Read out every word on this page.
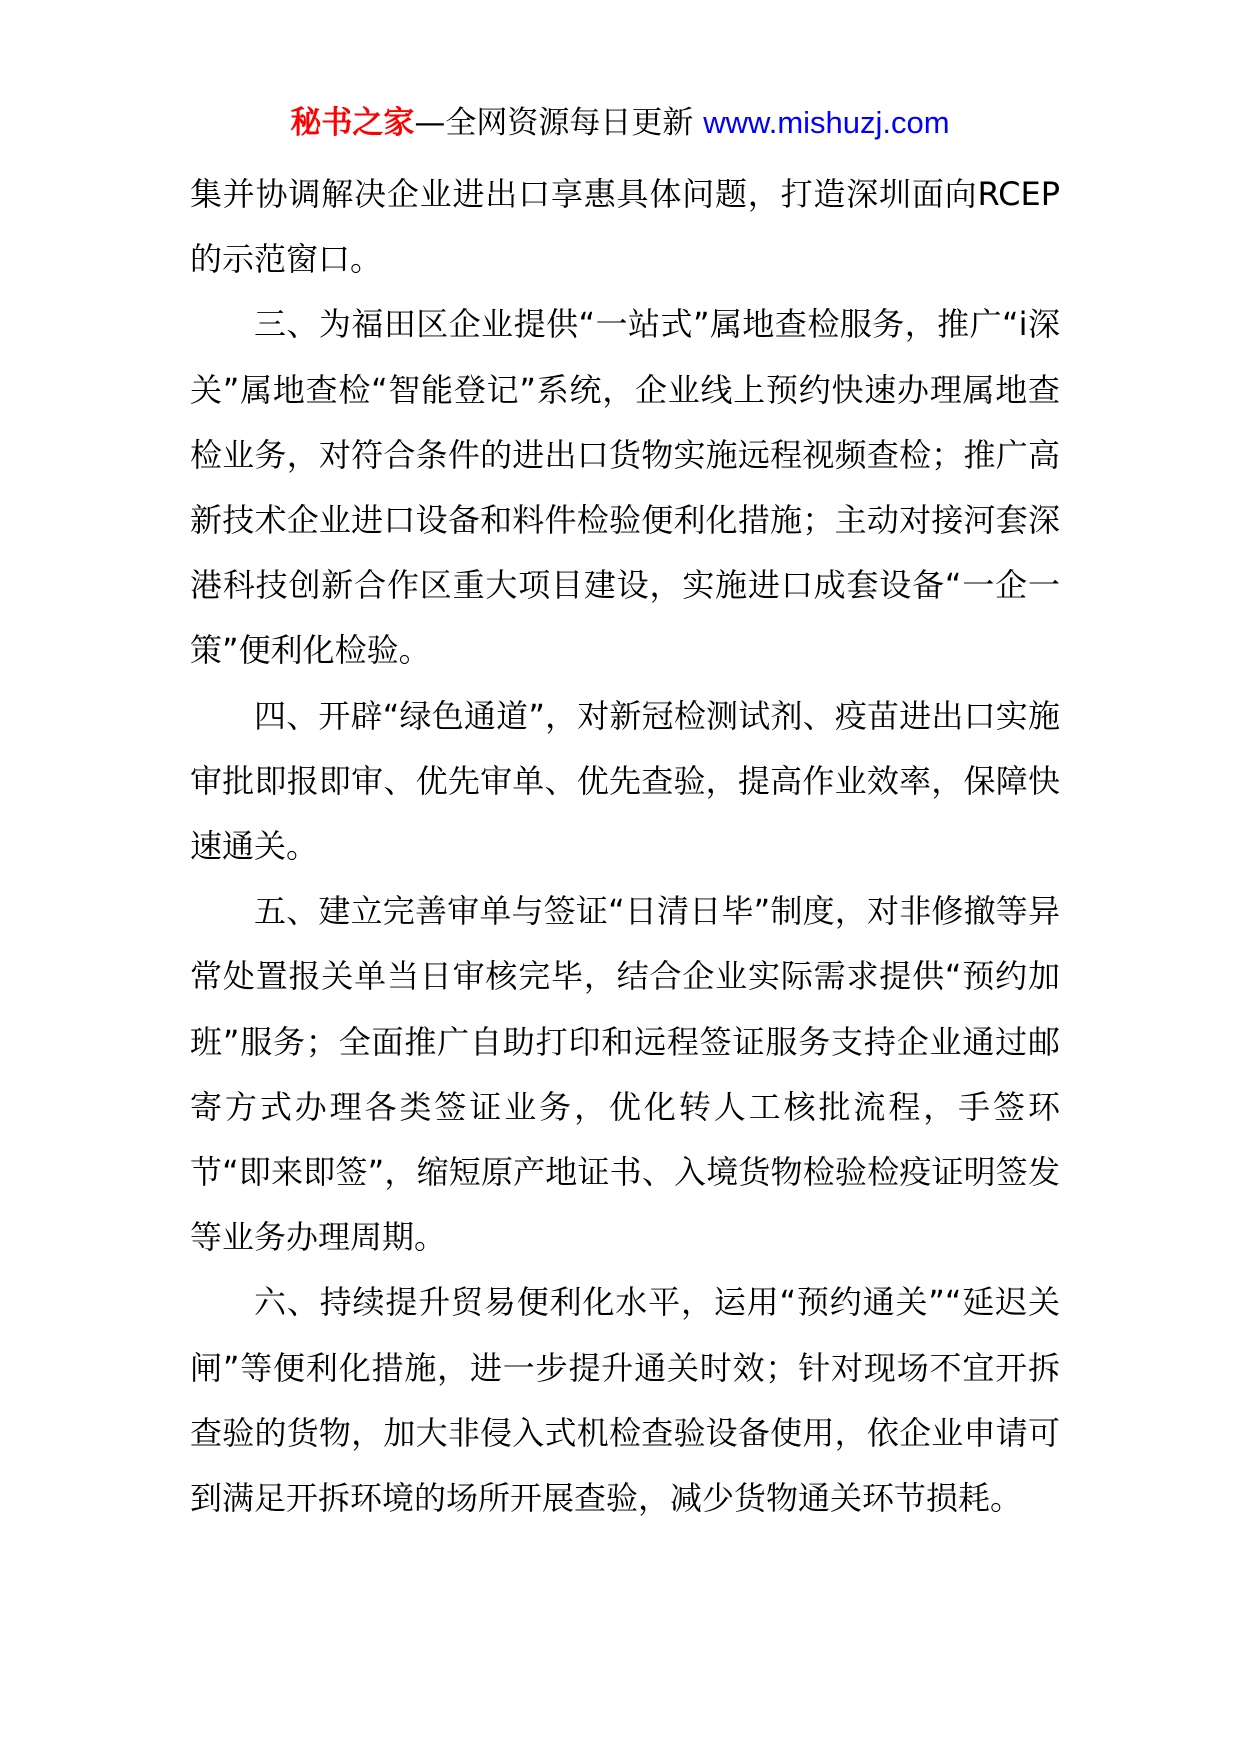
秘书之家—全网资源每日更新 www.mishuzj.com

集并协调解决企业进出口享惠具体问题，打造深圳面向RCEP的示范窗口。

三、为福田区企业提供“一站式”属地查检服务，推广“i深关”属地查检“智能登记”系统，企业线上预约快速办理属地查检业务，对符合条件的进出口货物实施远程视频查检；推广高新技术企业进口设备和料件检验便利化措施；主动对接河套深港科技创新合作区重大项目建设，实施进口成套设备“一企一策”便利化检验。

四、开辟“绿色通道”，对新冠检测试剂、疫苗进出口实施审批即报即审、优先审单、优先查验，提高作业效率，保障快速通关。

五、建立完善审单与签证“日清日毕”制度，对非修撤等异常处置报关单当日审核完毕，结合企业实际需求提供“预约加班”服务；全面推广自助打印和远程签证服务支持企业通过邮寄方式办理各类签证业务，优化转人工核批流程，手签环节“即来即签”，缩短原产地证书、入境货物检验检疫证明签发等业务办理周期。

六、持续提升贸易便利化水平，运用“预约通关”“延迟关闸”等便利化措施，进一步提升通关时效；针对现场不宜开拆查验的货物，加大非侵入式机检查验设备使用，依企业申请可到满足开拆环境的场所开展查验，减少货物通关环节损耗。
